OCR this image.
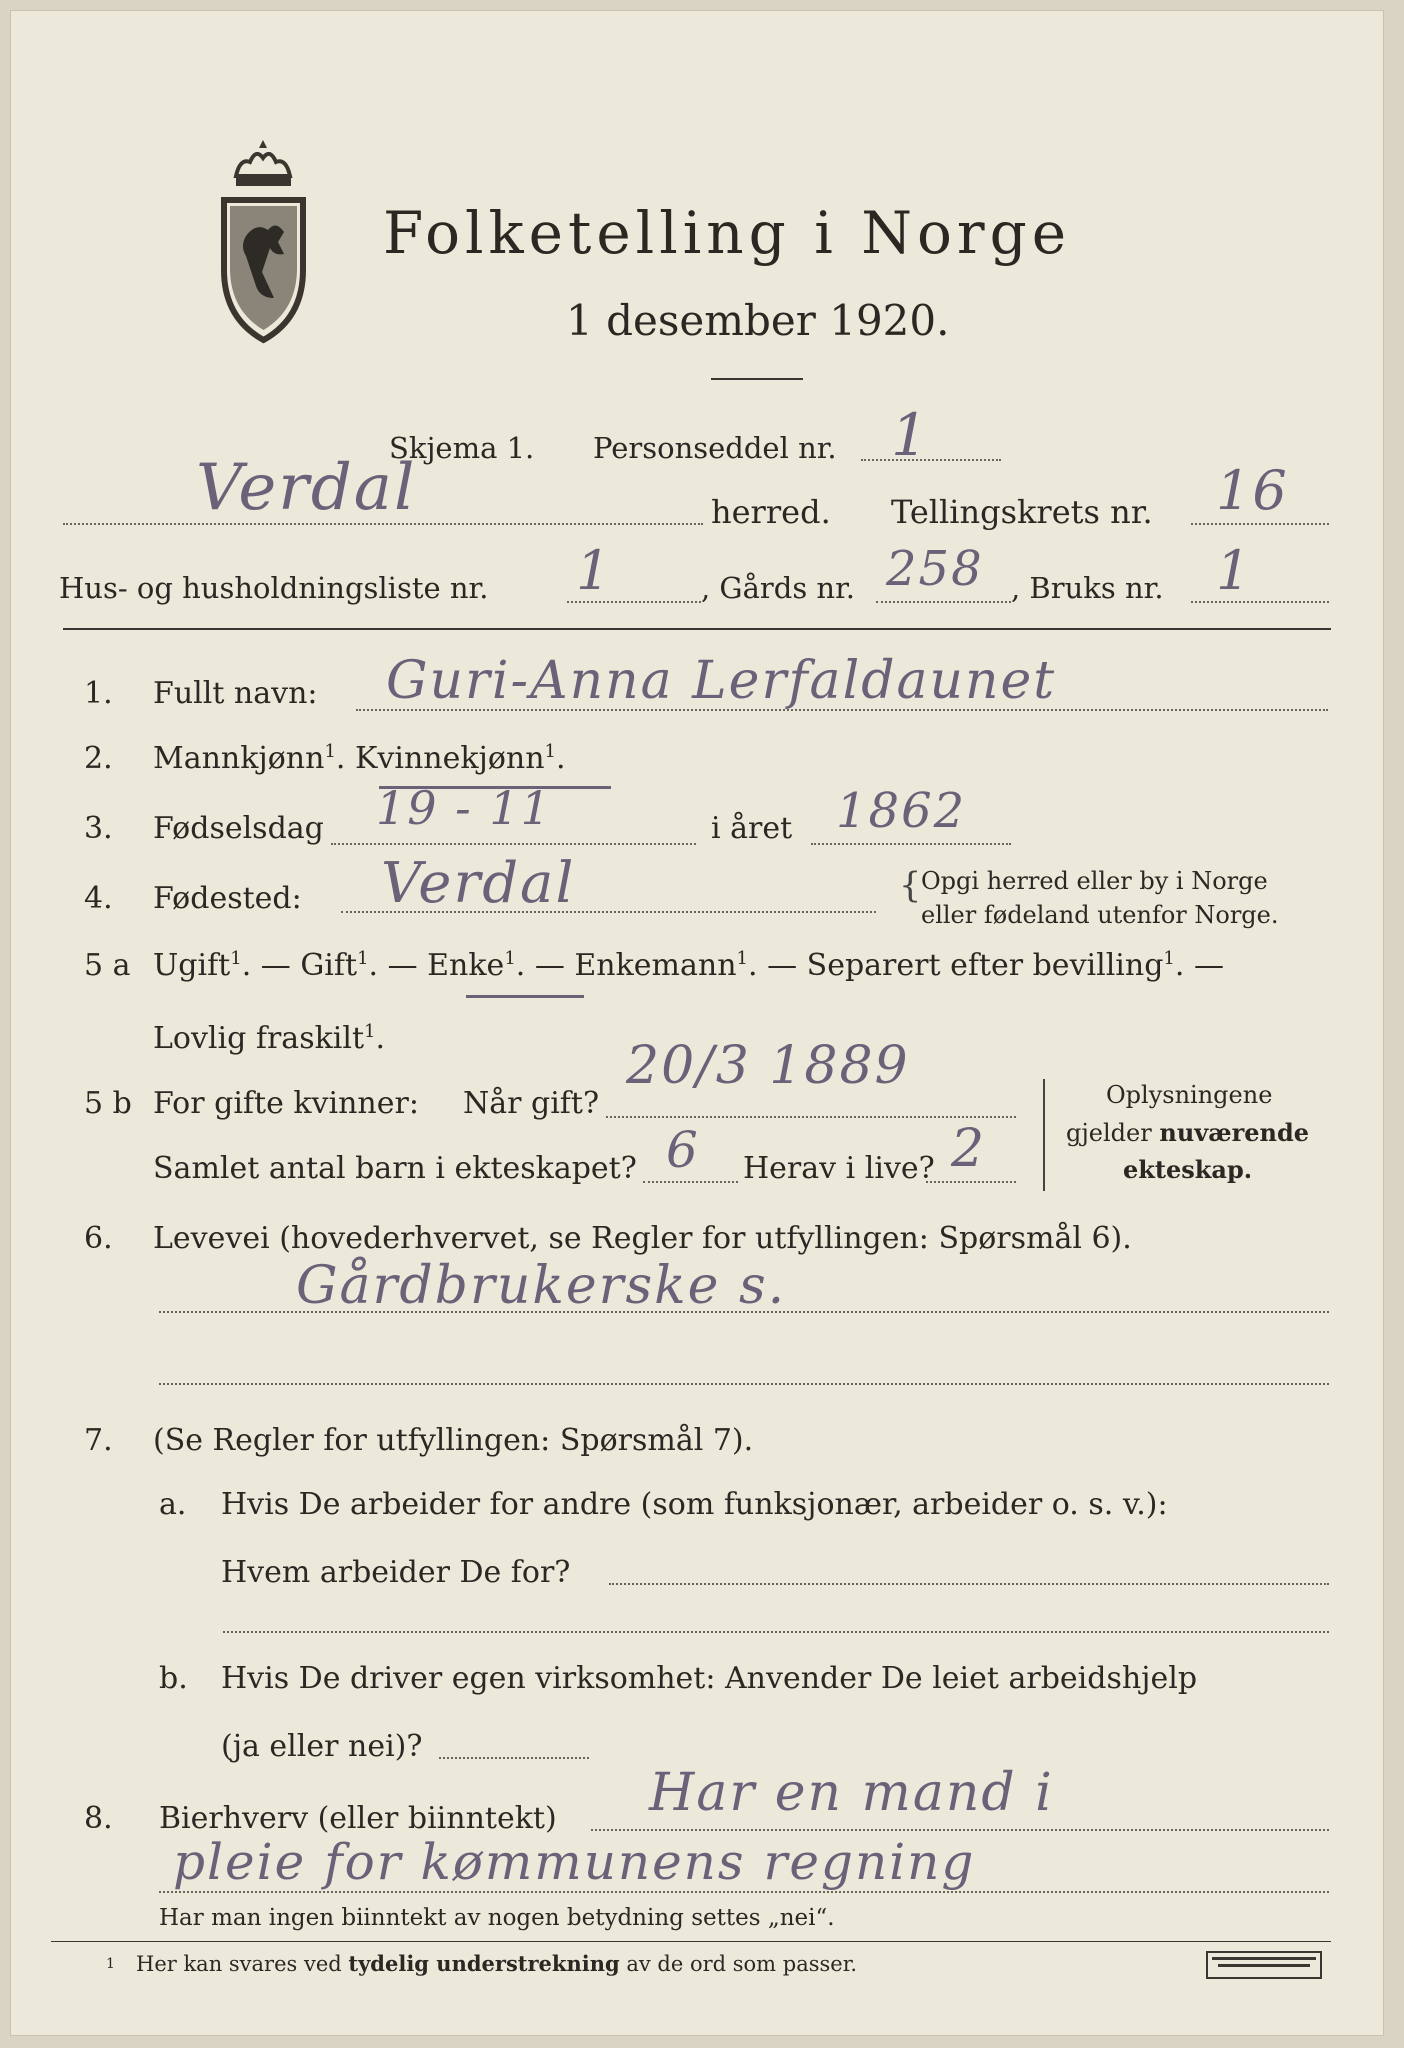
Folketelling i Norge
1 desember 1920.
Skjema 1. Personseddel nr. 1
Verdal	herred. Tellingskrets nr. 16
Hus- og husholdningsliste nr. 1	, Gårds nr. 258 , Bruks nr. 1
1. Fullt navn: Guri-Anna Lerfaldaunet
2. Mannkjønn$^1$. Kvinnekjønn$^1$.
3. Fødselsdag 19 - 11	i året 1862
4. Fødested: Verdal	{ Opgi herred eller by i Norge
eller fødeland utenfor Norge.
5 a Ugift$^1$. — Gift$^1$. — Enke$^1$. — Enkemann$^1$. — Separert efter bevilling$^1$. —
Lovlig fraskilt$^1$.
5 b For gifte kvinner: Når gift?
20/3 1889
Samlet antal barn i ekteskapet? 6 Herav i live? 2
Oplysningene
gjelder nuværende
ekteskap.
6. Levevei (hovederhvervet, se Regler for utfyllingen: Spørsmål 6).
Gårdbrukerske s.
7. (Se Regler for utfyllingen: Spørsmål 7).
a. Hvis De arbeider for andre (som funksjonær, arbeider o. s. v.):
Hvem arbeider De for?
b. Hvis De driver egen virksomhet: Anvender De leiet arbeidshjelp
(ja eller nei)?
8. Bierhverv (eller biinntekt) Har en mand i
pleie for kømmunens regning
Har man ingen biinntekt av nogen betydning settes „nei“.
1 Her kan svares ved tydelig understrekning av de ord som passer.
